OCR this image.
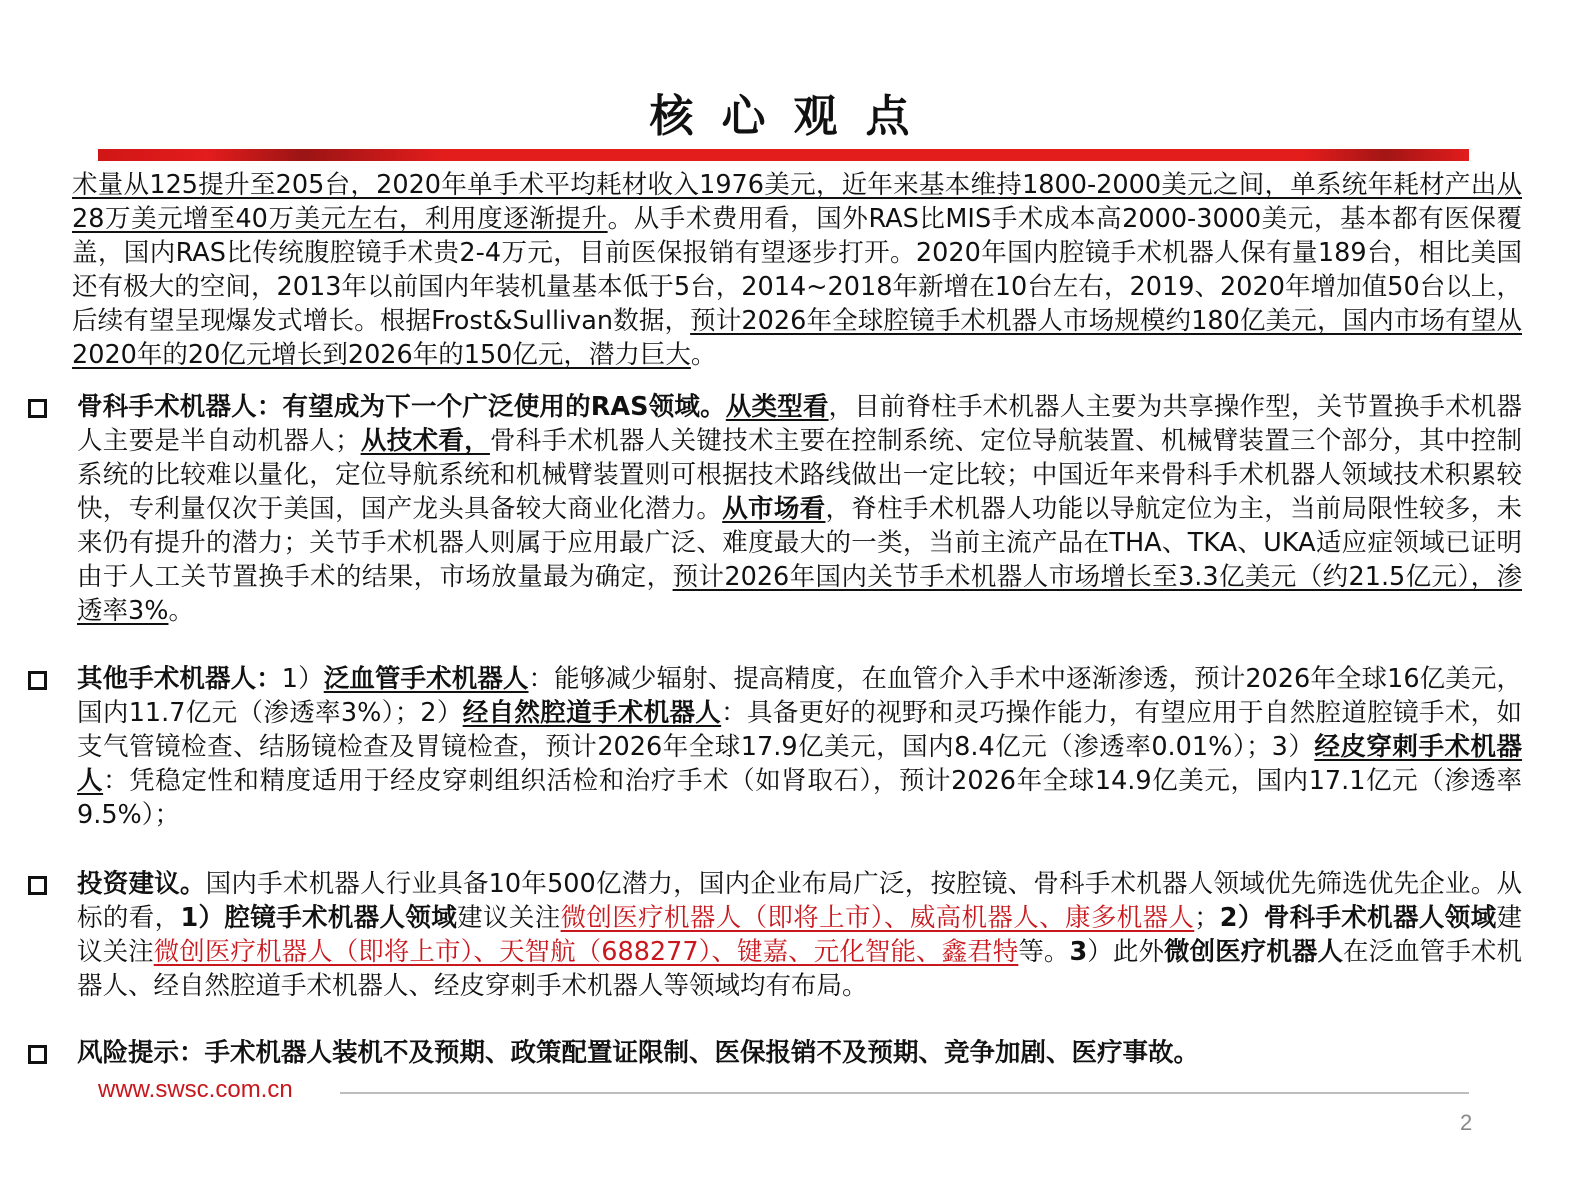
核心观点
术量从125提升至205台，2020年单手术平均耗材收入1976美元，近年来基本维持1800-2000美元之间，单系统年耗材产出从28万美元增至40万美元左右，利用度逐渐提升。从手术费用看，国外RAS比MIS手术成本高2000-3000美元，基本都有医保覆盖，国内RAS比传统腹腔镜手术贵2-4万元，目前医保报销有望逐步打开。2020年国内腔镜手术机器人保有量189台，相比美国还有极大的空间，2013年以前国内年装机量基本低于5台，2014~2018年新增在10台左右，2019、2020年增加值50台以上，后续有望呈现爆发式增长。根据Frost&Sullivan数据，预计2026年全球腔镜手术机器人市场规模约180亿美元，国内市场有望从2020年的20亿元增长到2026年的150亿元，潜力巨大。
骨科手术机器人：有望成为下一个广泛使用的RAS领域。从类型看，目前脊柱手术机器人主要为共享操作型，关节置换手术机器人主要是半自动机器人；从技术看，骨科手术机器人关键技术主要在控制系统、定位导航装置、机械臂装置三个部分，其中控制系统的比较难以量化，定位导航系统和机械臂装置则可根据技术路线做出一定比较；中国近年来骨科手术机器人领域技术积累较快，专利量仅次于美国，国产龙头具备较大商业化潜力。从市场看，脊柱手术机器人功能以导航定位为主，当前局限性较多，未来仍有提升的潜力；关节手术机器人则属于应用最广泛、难度最大的一类，当前主流产品在THA、TKA、UKA适应症领域已证明由于人工关节置换手术的结果，市场放量最为确定，预计2026年国内关节手术机器人市场增长至3.3亿美元（约21.5亿元），渗透率3%。
其他手术机器人：1）泛血管手术机器人：能够减少辐射、提高精度，在血管介入手术中逐渐渗透，预计2026年全球16亿美元，国内11.7亿元（渗透率3%）；2）经自然腔道手术机器人：具备更好的视野和灵巧操作能力，有望应用于自然腔道腔镜手术，如支气管镜检查、结肠镜检查及胃镜检查，预计2026年全球17.9亿美元，国内8.4亿元（渗透率0.01%）；3）经皮穿刺手术机器人：凭稳定性和精度适用于经皮穿刺组织活检和治疗手术（如肾取石），预计2026年全球14.9亿美元，国内17.1亿元（渗透率9.5%）；
投资建议。国内手术机器人行业具备10年500亿潜力，国内企业布局广泛，按腔镜、骨科手术机器人领域优先筛选优先企业。从标的看，1）腔镜手术机器人领域建议关注微创医疗机器人（即将上市）、威高机器人、康多机器人；2）骨科手术机器人领域建议关注微创医疗机器人（即将上市）、天智航（688277）、键嘉、元化智能、鑫君特等。3）此外微创医疗机器人在泛血管手术机器人、经自然腔道手术机器人、经皮穿刺手术机器人等领域均有布局。
风险提示：手术机器人装机不及预期、政策配置证限制、医保报销不及预期、竞争加剧、医疗事故。
www.swsc.com.cn
2
